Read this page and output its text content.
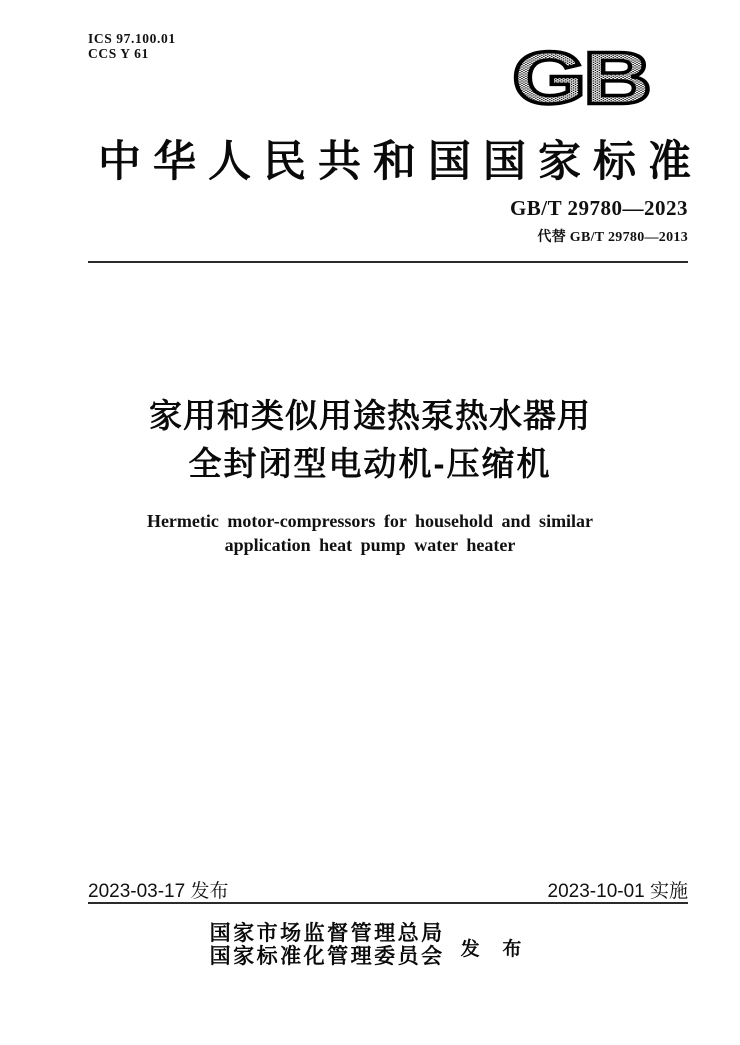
ICS 97.100.01
CCS Y 61	GB
中华人民共和国国家标准
GB/T 29780—2023
代替 GB/T 29780—2013
家用和类似用途热泵热水器用
全封闭型电动机-压缩机
Hermetic motor-compressors for household and similar
application heat pump water heater
2023-03-17 发布	2023-10-01 实施
国家市场监督管理总局
国家标准化管理委员会 发 布
